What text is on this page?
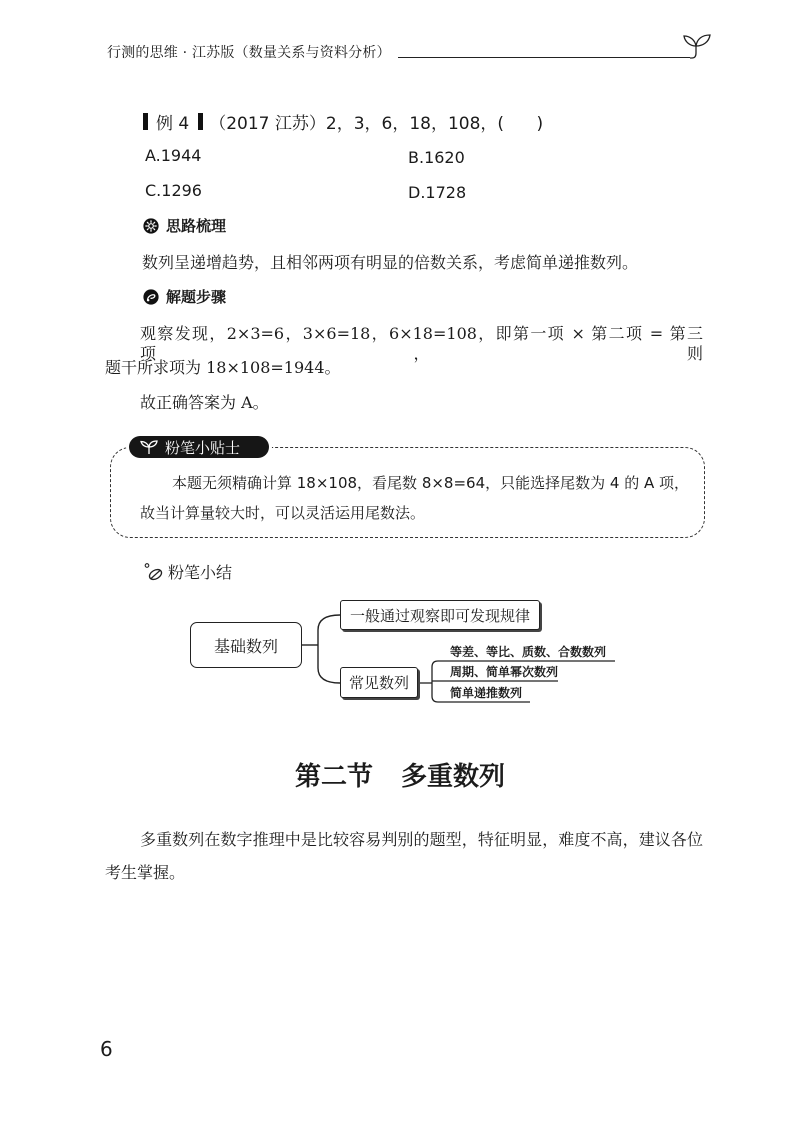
行测的思维 · 江苏版（数量关系与资料分析）
例 4 （2017 江苏） 2，3，6，18，108，(      )
A.1944	B.1620
C.1296	D.1728
思路梳理
数列呈递增趋势，且相邻两项有明显的倍数关系，考虑简单递推数列。
解题步骤
观察发现，2×3=6，3×6=18，6×18=108，即第一项 × 第二项 = 第三项，则
题干所求项为 18×108=1944。
故正确答案为 A。
粉笔小贴士
本题无须精确计算 18×108，看尾数 8×8=64，只能选择尾数为 4 的 A 项，
故当计算量较大时，可以灵活运用尾数法。
粉笔小结
基础数列
一般通过观察即可发现规律
常见数列
等差、等比、质数、合数数列
周期、简单幂次数列
简单递推数列
第二节 多重数列
多重数列在数字推理中是比较容易判别的题型，特征明显，难度不高，建议各位
考生掌握。
6
